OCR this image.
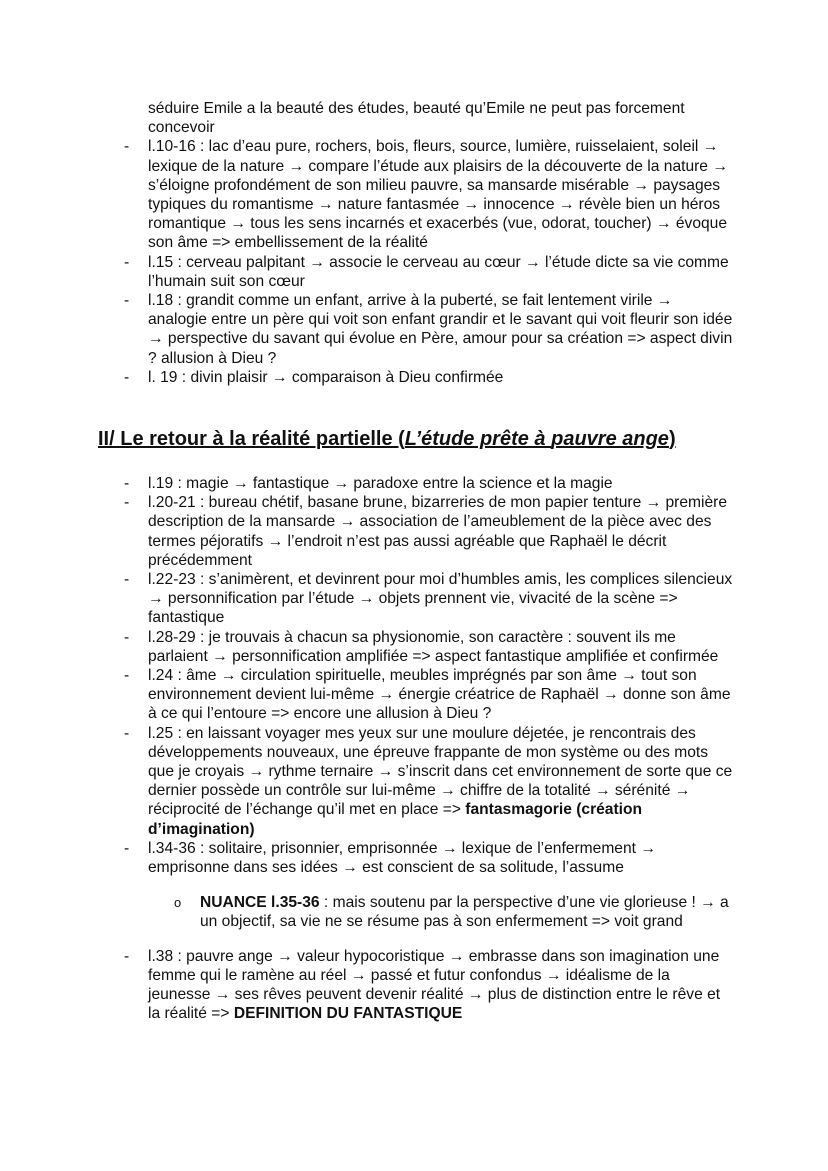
séduire Emile a la beauté des études, beauté qu’Emile ne peut pas forcement concevoir

- l.10-16 : lac d’eau pure, rochers, bois, fleurs, source, lumière, ruisselaient, soleil → lexique de la nature → compare l’étude aux plaisirs de la découverte de la nature → s’éloigne profondément de son milieu pauvre, sa mansarde misérable → paysages typiques du romantisme → nature fantasmée → innocence → révèle bien un héros romantique → tous les sens incarnés et exacerbés (vue, odorat, toucher) → évoque son âme => embellissement de la réalité

- l.15 : cerveau palpitant → associe le cerveau au cœur → l’étude dicte sa vie comme l’humain suit son cœur

- l.18 : grandit comme un enfant, arrive à la puberté, se fait lentement virile → analogie entre un père qui voit son enfant grandir et le savant qui voit fleurir son idée → perspective du savant qui évolue en Père, amour pour sa création => aspect divin ? allusion à Dieu ?

- l. 19 : divin plaisir → comparaison à Dieu confirmée

II/ Le retour à la réalité partielle (L’étude prête à pauvre ange)

- l.19 : magie → fantastique → paradoxe entre la science et la magie

- l.20-21 : bureau chétif, basane brune, bizarreries de mon papier tenture → première description de la mansarde → association de l’ameublement de la pièce avec des termes péjoratifs → l’endroit n’est pas aussi agréable que Raphaël le décrit précédemment

- l.22-23 : s’animèrent, et devinrent pour moi d’humbles amis, les complices silencieux → personnification par l’étude → objets prennent vie, vivacité de la scène => fantastique

- l.28-29 : je trouvais à chacun sa physionomie, son caractère : souvent ils me parlaient → personnification amplifiée => aspect fantastique amplifiée et confirmée

- l.24 : âme → circulation spirituelle, meubles imprégnés par son âme → tout son environnement devient lui-même → énergie créatrice de Raphaël → donne son âme à ce qui l’entoure => encore une allusion à Dieu ?

- l.25 : en laissant voyager mes yeux sur une moulure déjetée, je rencontrais des développements nouveaux, une épreuve frappante de mon système ou des mots que je croyais → rythme ternaire → s’inscrit dans cet environnement de sorte que ce dernier possède un contrôle sur lui-même → chiffre de la totalité → sérénité → réciprocité de l’échange qu’il met en place => fantasmagorie (création d’imagination)

- l.34-36 : solitaire, prisonnier, emprisonnée → lexique de l’enfermement → emprisonne dans ses idées → est conscient de sa solitude, l’assume

o NUANCE l.35-36 : mais soutenu par la perspective d’une vie glorieuse ! → a un objectif, sa vie ne se résume pas à son enfermement => voit grand

- l.38 : pauvre ange → valeur hypocoristique → embrasse dans son imagination une femme qui le ramène au réel → passé et futur confondus → idéalisme de la jeunesse → ses rêves peuvent devenir réalité → plus de distinction entre le rêve et la réalité => DEFINITION DU FANTASTIQUE
